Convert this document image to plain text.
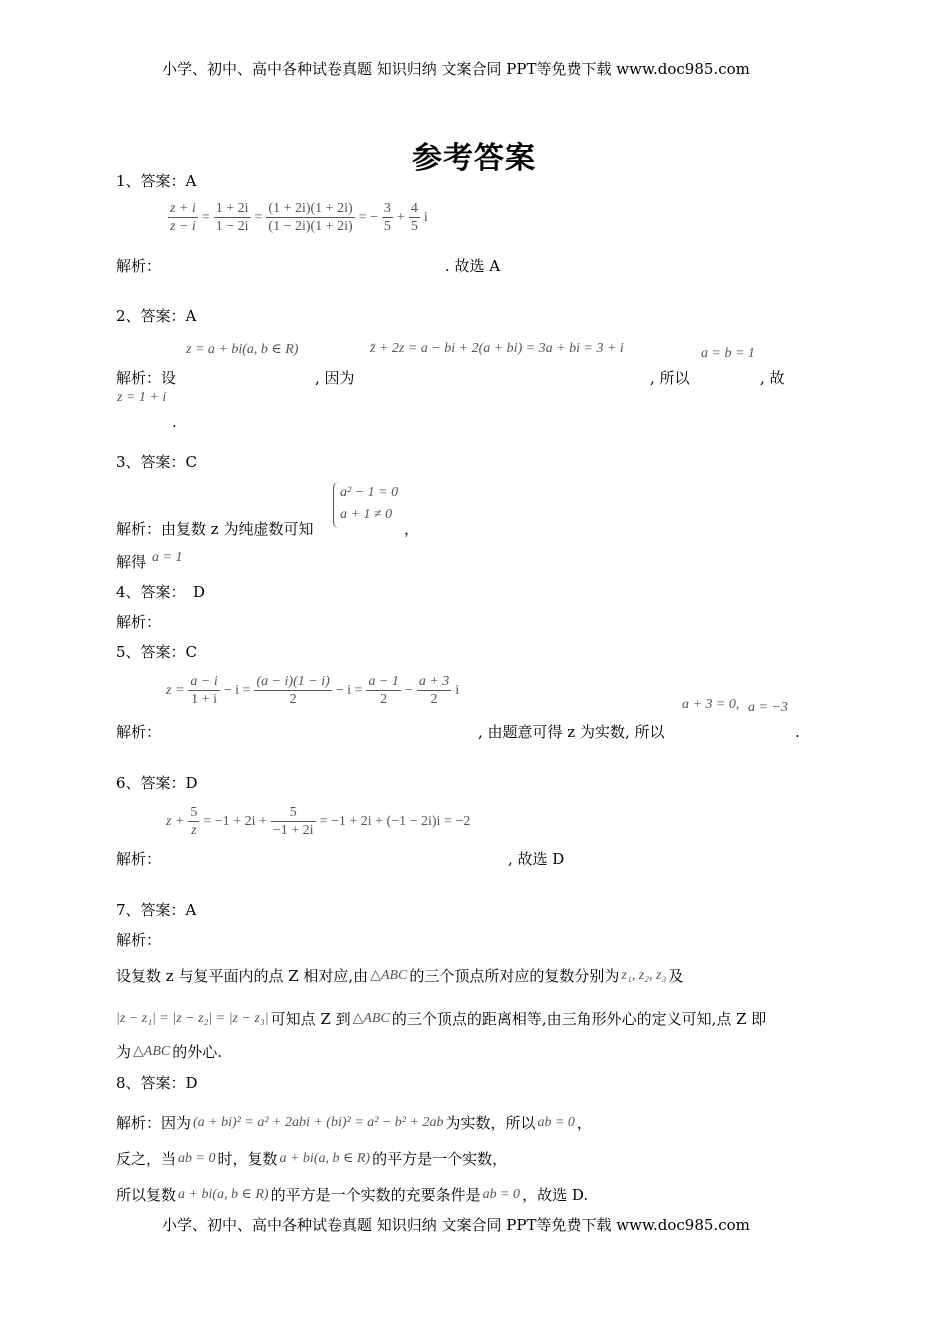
小学、初中、高中各种试卷真题 知识归纳 文案合同 PPT等免费下载 www.doc985.com
参考答案
1、答案：A
$\frac{z + i}{z - i} = \frac{1 + 2i}{1 - 2i} = \frac{(1 + 2i)(1 + 2i)}{(1 - 2i)(1 + 2i)}$ = − $\frac{3}{5} + \frac{4}{5}$ i
解析：	. 故选 A
2、答案：A
z = a + bi(a, b ∈ R)	z̄ + 2z = a − bi + 2(a + bi) = 3a + bi = 3 + i	a = b = 1
解析：设	, 因为	, 所以	, 故
z = 1 + i
.
3、答案：C
a² − 1 = 0
a + 1 ≠ 0
解析：由复数 z 为纯虚数可知	，
解得 a = 1
4、答案：　D
解析：
5、答案：C
$z = \frac{a - i}{1 + i} - i = \frac{(a - i)(1 - i)}{2} - i = \frac{a - 1}{2} - \frac{a + 3}{2}$ i
a + 3 = 0, a = −3
解析：	, 由题意可得 z 为实数, 所以	.
6、答案：D
$z + \frac{5}{z} = -1 + 2i + \frac{5}{-1 + 2i} = -1 + 2i + (-1 - 2i)i = -2$
解析：	, 故选 D
7、答案：A
解析：
设复数 z 与复平面内的点 Z 相对应,由 △ABC 的三个顶点所对应的复数分别为 z₁, z₂, z₃ 及
|z − z₁| = |z − z₂| = |z − z₃| 可知点 Z 到 △ABC 的三个顶点的距离相等,由三角形外心的定义可知,点 Z 即
为 △ABC 的外心.
8、答案：D
解析：因为 (a + bi)² = a² + 2abi + (bi)² = a² − b² + 2ab 为实数，所以 ab = 0 ，
反之，当 ab = 0 时，复数 a + bi(a, b ∈ R) 的平方是一个实数，
所以复数 a + bi(a, b ∈ R) 的平方是一个实数的充要条件是 ab = 0 ，故选 D.
小学、初中、高中各种试卷真题 知识归纳 文案合同 PPT等免费下载 www.doc985.com
